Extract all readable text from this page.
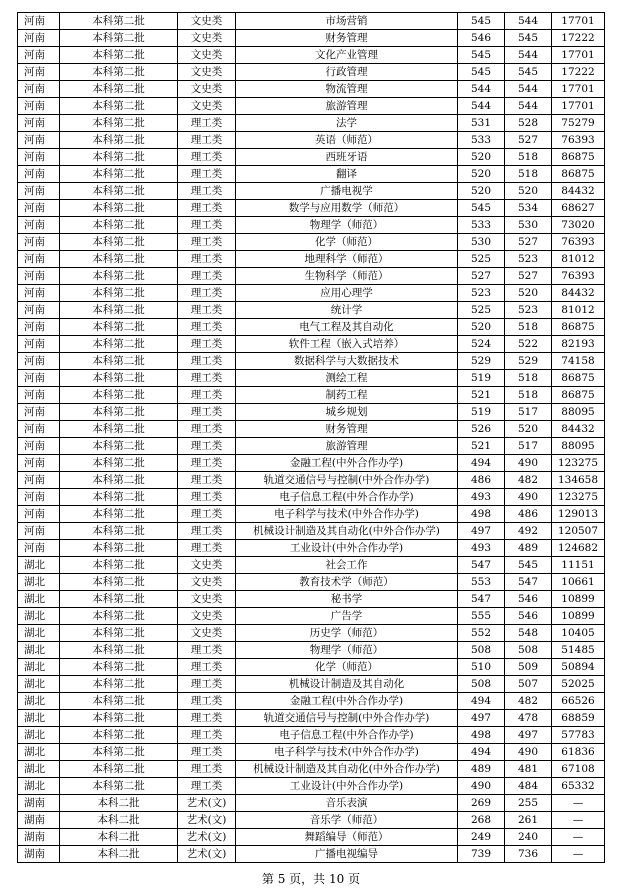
河南	本科第二批	文史类	市场营销	545	544	17701
河南	本科第二批	文史类	财务管理	546	545	17222
河南	本科第二批	文史类	文化产业管理	545	544	17701
河南	本科第二批	文史类	行政管理	545	545	17222
河南	本科第二批	文史类	物流管理	544	544	17701
河南	本科第二批	文史类	旅游管理	544	544	17701
河南	本科第二批	理工类	法学	531	528	75279
河南	本科第二批	理工类	英语（师范）	533	527	76393
河南	本科第二批	理工类	西班牙语	520	518	86875
河南	本科第二批	理工类	翻译	520	518	86875
河南	本科第二批	理工类	广播电视学	520	520	84432
河南	本科第二批	理工类	数学与应用数学（师范）	545	534	68627
河南	本科第二批	理工类	物理学（师范）	533	530	73020
河南	本科第二批	理工类	化学（师范）	530	527	76393
河南	本科第二批	理工类	地理科学（师范）	525	523	81012
河南	本科第二批	理工类	生物科学（师范）	527	527	76393
河南	本科第二批	理工类	应用心理学	523	520	84432
河南	本科第二批	理工类	统计学	525	523	81012
河南	本科第二批	理工类	电气工程及其自动化	520	518	86875
河南	本科第二批	理工类	软件工程（嵌入式培养）	524	522	82193
河南	本科第二批	理工类	数据科学与大数据技术	529	529	74158
河南	本科第二批	理工类	测绘工程	519	518	86875
河南	本科第二批	理工类	制药工程	521	518	86875
河南	本科第二批	理工类	城乡规划	519	517	88095
河南	本科第二批	理工类	财务管理	526	520	84432
河南	本科第二批	理工类	旅游管理	521	517	88095
河南	本科第二批	理工类	金融工程(中外合作办学)	494	490	123275
河南	本科第二批	理工类	轨道交通信号与控制(中外合作办学)	486	482	134658
河南	本科第二批	理工类	电子信息工程(中外合作办学)	493	490	123275
河南	本科第二批	理工类	电子科学与技术(中外合作办学)	498	486	129013
河南	本科第二批	理工类	机械设计制造及其自动化(中外合作办学)	497	492	120507
河南	本科第二批	理工类	工业设计(中外合作办学)	493	489	124682
湖北	本科第二批	文史类	社会工作	547	545	11151
湖北	本科第二批	文史类	教育技术学（师范）	553	547	10661
湖北	本科第二批	文史类	秘书学	547	546	10899
湖北	本科第二批	文史类	广告学	555	546	10899
湖北	本科第二批	文史类	历史学（师范）	552	548	10405
湖北	本科第二批	理工类	物理学（师范）	508	508	51485
湖北	本科第二批	理工类	化学（师范）	510	509	50894
湖北	本科第二批	理工类	机械设计制造及其自动化	508	507	52025
湖北	本科第二批	理工类	金融工程(中外合作办学)	494	482	66526
湖北	本科第二批	理工类	轨道交通信号与控制(中外合作办学)	497	478	68859
湖北	本科第二批	理工类	电子信息工程(中外合作办学)	498	497	57783
湖北	本科第二批	理工类	电子科学与技术(中外合作办学)	494	490	61836
湖北	本科第二批	理工类	机械设计制造及其自动化(中外合作办学)	489	481	67108
湖北	本科第二批	理工类	工业设计(中外合作办学)	490	484	65332
湖南	本科二批	艺术(文)	音乐表演	269	255	—
湖南	本科二批	艺术(文)	音乐学（师范）	268	261	—
湖南	本科二批	艺术(文)	舞蹈编导（师范）	249	240	—
湖南	本科二批	艺术(文)	广播电视编导	739	736	—
第 5 页，共 10 页
